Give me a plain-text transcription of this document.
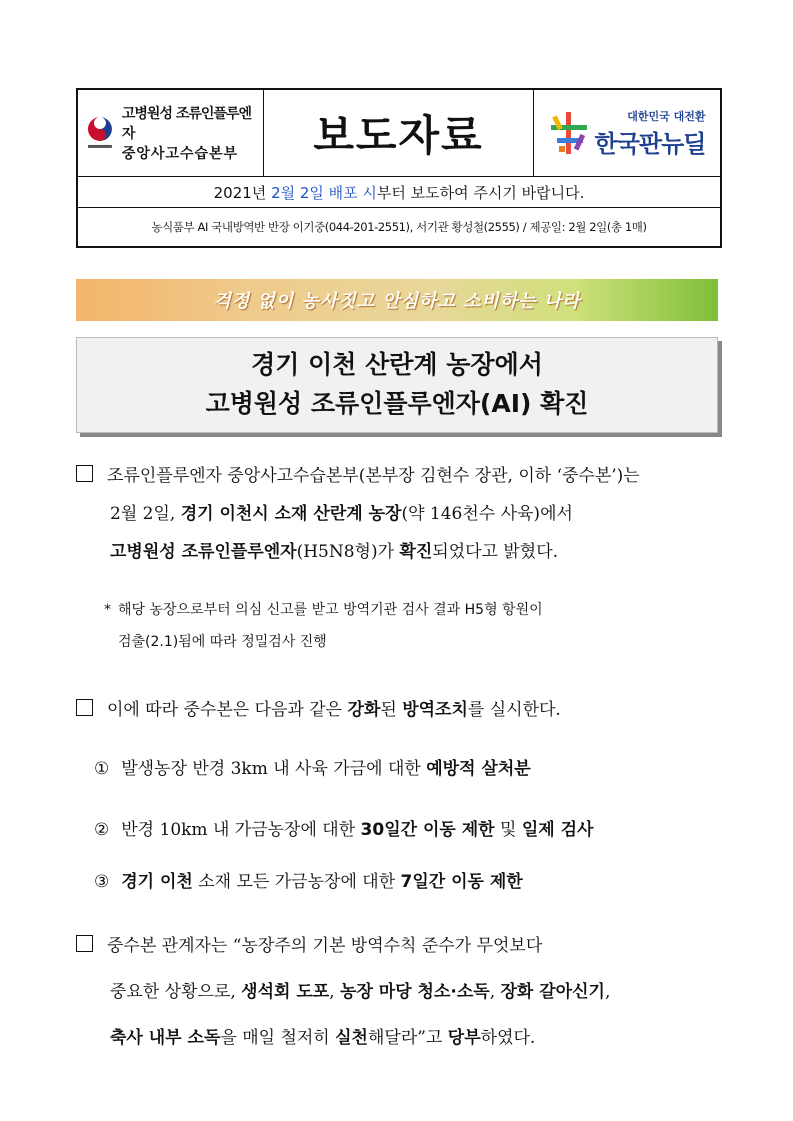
고병원성 조류인플루엔자
중앙사고수습본부	보도자료	대한민국 대전환
한국판뉴딜
2021년
2월 2일 배포 시 부터 보도하여 주시기 바랍니다.
농식품부 AI 국내방역반 반장 이기중(044-201-2551), 서기관 황성철(2555) / 제공일: 2월 2일(총 1매)
걱정 없이 농사짓고 안심하고 소비하는 나라
경기 이천 산란계 농장에서
고병원성 조류인플루엔자(AI) 확진
조류인플루엔자 중앙사고수습본부(본부장 김현수 장관, 이하 ‘중수본’)는
2월 2일, 경기 이천시 소재 산란계 농장(약 146천수 사육)에서
고병원성 조류인플루엔자(H5N8형)가 확진되었다고 밝혔다.
* 해당 농장으로부터 의심 신고를 받고 방역기관 검사 결과 H5형 항원이
검출(2.1)됨에 따라 정밀검사 진행
이에 따라 중수본은 다음과 같은 강화된 방역조치를 실시한다.
① 발생농장 반경 3km 내 사육 가금에 대한 예방적 살처분
② 반경 10km 내 가금농장에 대한 30일간 이동 제한 및 일제 검사
③ 경기 이천 소재 모든 가금농장에 대한 7일간 이동 제한
중수본 관계자는 “농장주의 기본 방역수칙 준수가 무엇보다
중요한 상황으로, 생석회 도포, 농장 마당 청소·소독, 장화 갈아신기,
축사 내부 소독을 매일 철저히 실천해달라”고 당부하였다.
